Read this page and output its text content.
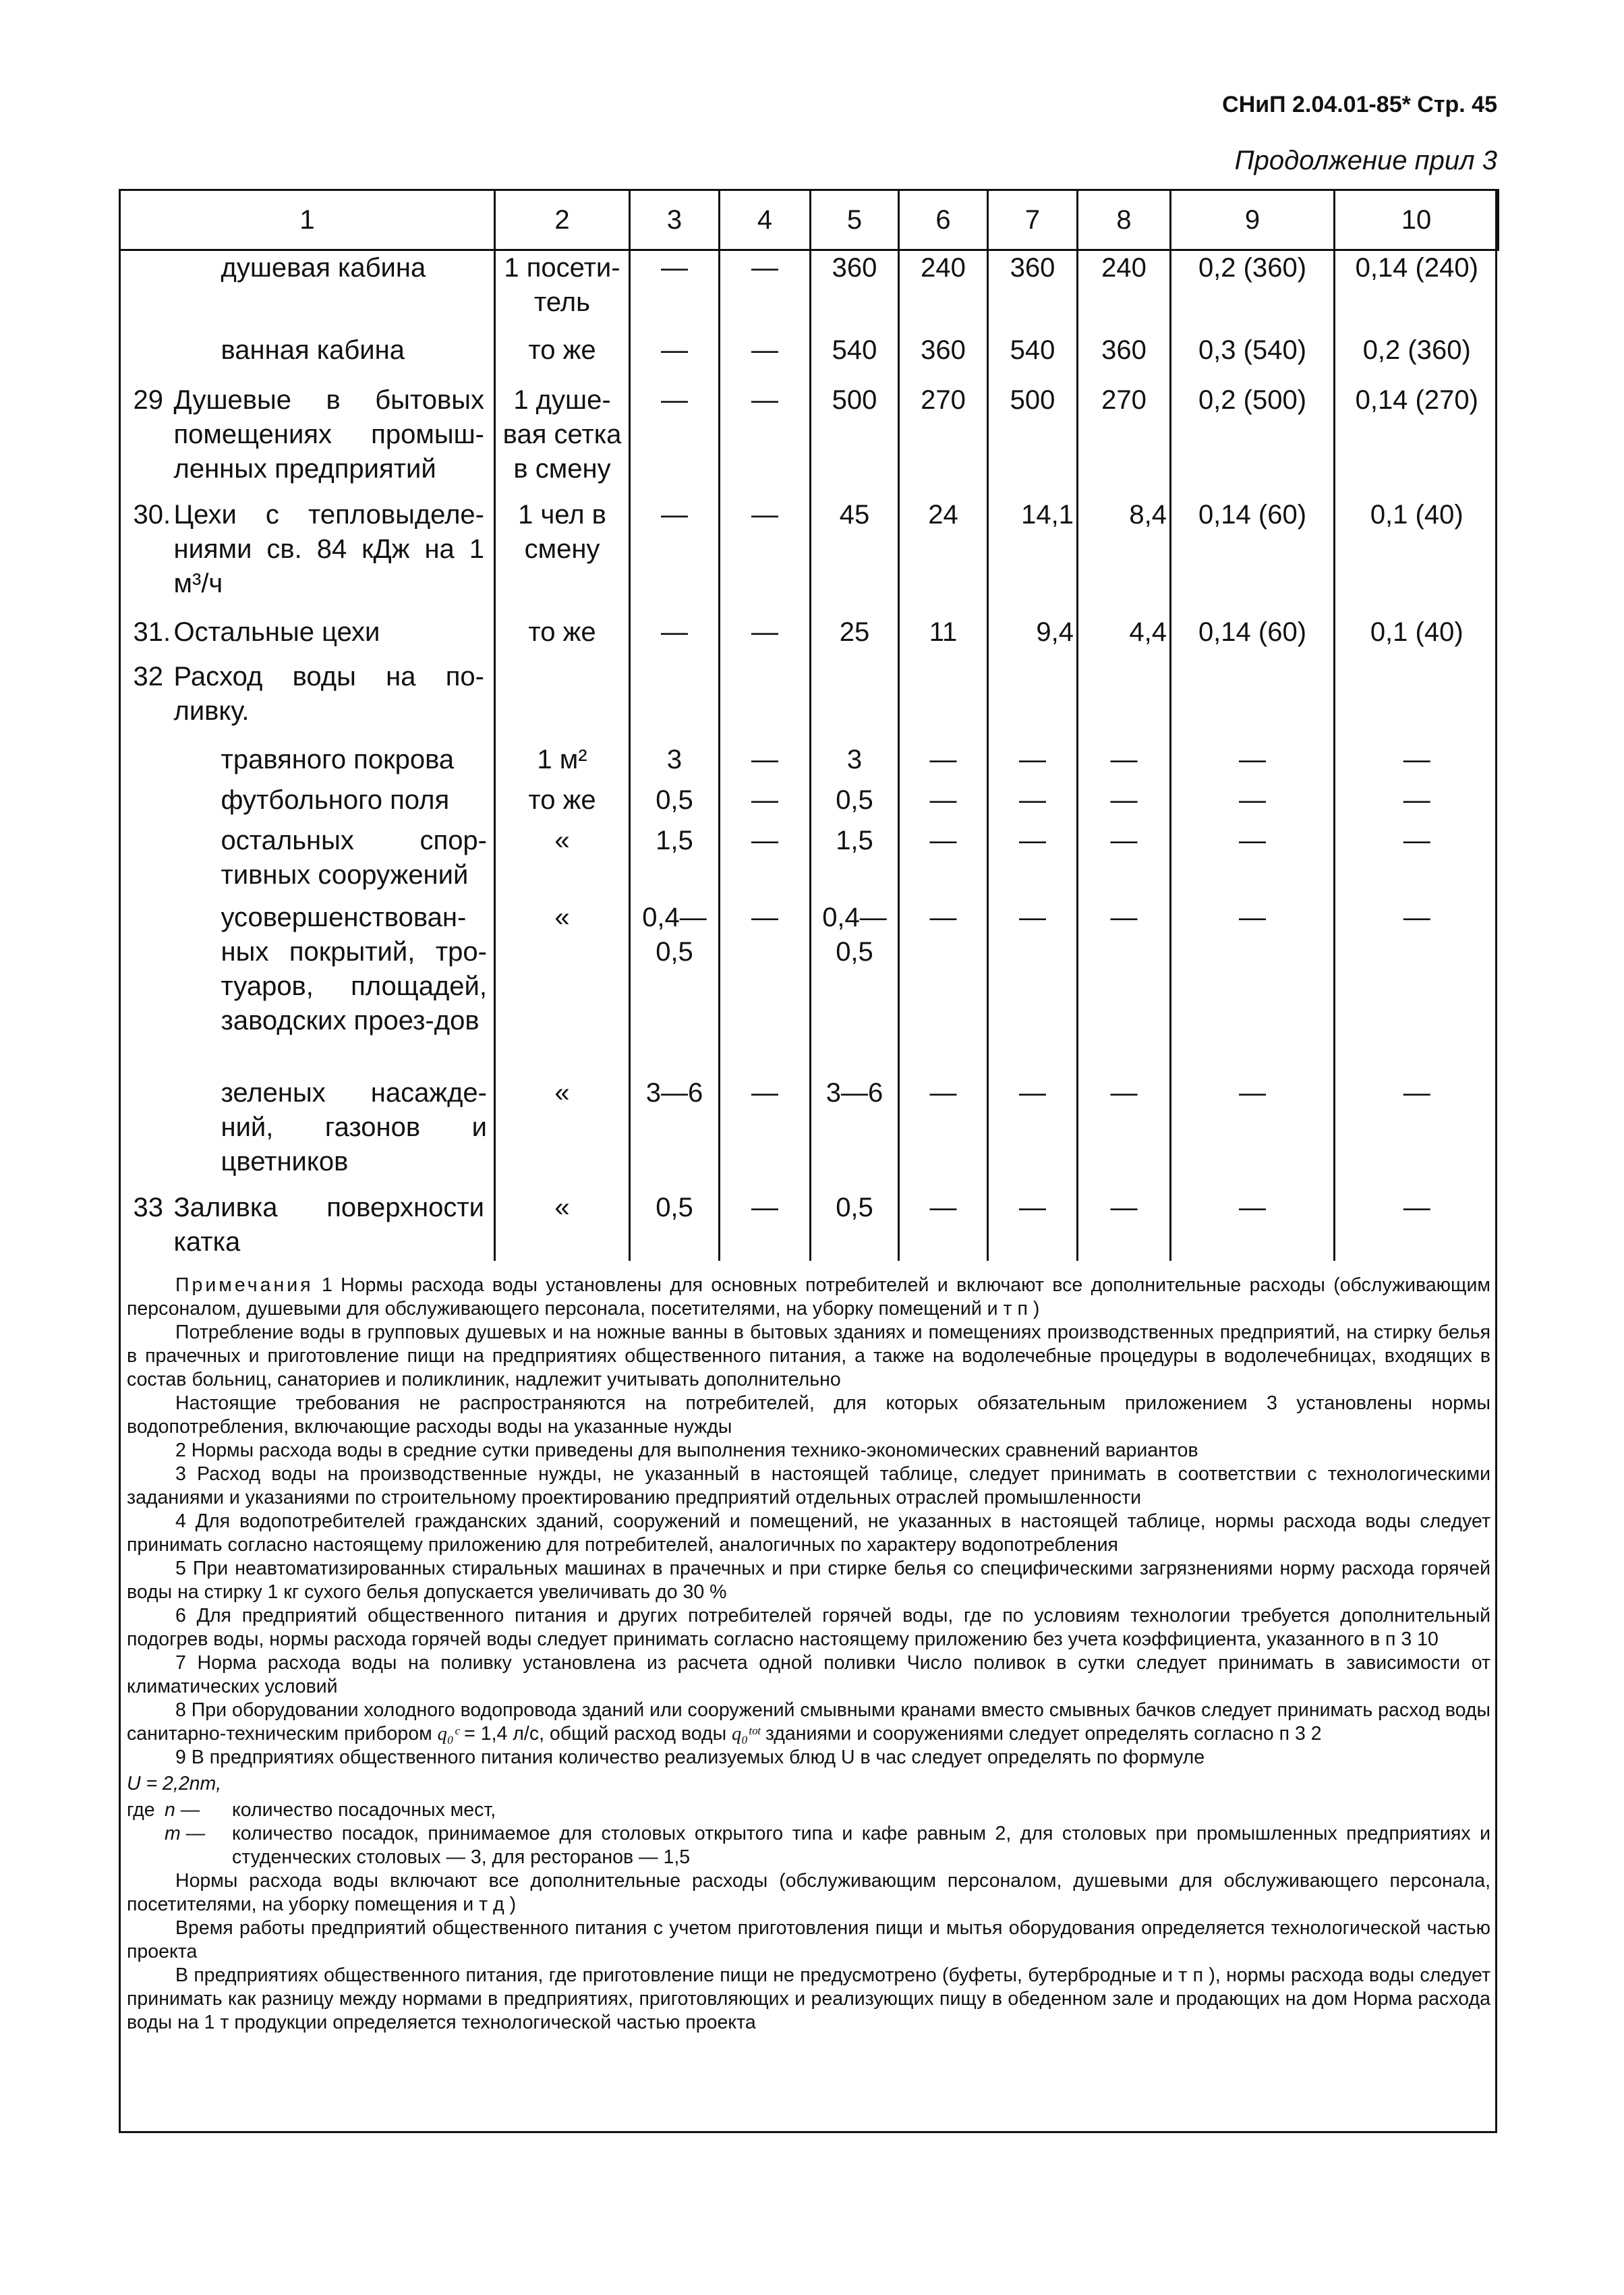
СНиП 2.04.01-85* Стр. 45
Продолжение прил 3
1	2	3	4	5	6	7	8	9	10
душевая кабина	1 посети-тель	—	—	360	240	360	240	0,2 (360)	0,14 (240)
ванная кабина	то же	—	—	540	360	540	360	0,3 (540)	0,2 (360)
29 Душевые в бытовых помещениях промыш-ленных предприятий	1 душе-вая сетка в смену	—	—	500	270	500	270	0,2 (500)	0,14 (270)
30. Цехи с тепловыделе-ниями св. 84 кДж на 1 м³/ч	1 чел в смену	—	—	45	24	14,1	8,4	0,14 (60)	0,1 (40)
31. Остальные цехи	то же	—	—	25	11	9,4	4,4	0,14 (60)	0,1 (40)
32 Расход воды на по-ливку.									
травяного покрова	1 м²	3	—	3	—	—	—	—	—
футбольного поля	то же	0,5	—	0,5	—	—	—	—	—
остальных спор-тивных сооружений	«	1,5	—	1,5	—	—	—	—	—
усовершенствован-ных покрытий, тро-туаров, площадей, заводских проез-дов	«	0,4— 0,5	—	0,4— 0,5	—	—	—	—	—
зеленых насажде-ний, газонов и цветников	«	3—6	—	3—6	—	—	—	—	—
33 Заливка поверхности катка	«	0,5	—	0,5	—	—	—	—	—

Примечания 1 Нормы расхода воды установлены для основных потребителей и включают все дополнительные расходы (обслуживающим персоналом, душевыми для обслуживающего персонала, посетителями, на уборку помещений и т п )

Потребление воды в групповых душевых и на ножные ванны в бытовых зданиях и помещениях производственных предприятий, на стирку белья в прачечных и приготовление пищи на предприятиях общественного питания, а также на водолечебные процедуры в водолечебницах, входящих в состав больниц, санаториев и поликлиник, надлежит учитывать дополнительно

Настоящие требования не распространяются на потребителей, для которых обязательным приложением 3 установлены нормы водопотребления, включающие расходы воды на указанные нужды

2 Нормы расхода воды в средние сутки приведены для выполнения технико-экономических сравнений вариантов

3 Расход воды на производственные нужды, не указанный в настоящей таблице, следует принимать в соответствии с технологическими заданиями и указаниями по строительному проектированию предприятий отдельных отраслей промышленности

4 Для водопотребителей гражданских зданий, сооружений и помещений, не указанных в настоящей таблице, нормы расхода воды следует принимать согласно настоящему приложению для потребителей, аналогичных по характеру водопотребления

5 При неавтоматизированных стиральных машинах в прачечных и при стирке белья со специфическими загрязнениями норму расхода горячей воды на стирку 1 кг сухого белья допускается увеличивать до 30 %

6 Для предприятий общественного питания и других потребителей горячей воды, где по условиям технологии требуется дополнительный подогрев воды, нормы расхода горячей воды следует принимать согласно настоящему приложению без учета коэффициента, указанного в п 3 10

7 Норма расхода воды на поливку установлена из расчета одной поливки Число поливок в сутки следует принимать в зависимости от климатических условий

8 При оборудовании холодного водопровода зданий или сооружений смывными кранами вместо смывных бачков следует принимать расход воды санитарно-техническим прибором q₀ᶜ = 1,4 л/с, общий расход воды q₀ᵗᵒᵗ зданиями и сооружениями следует определять согласно п 3 2

9 В предприятиях общественного питания количество реализуемых блюд U в час следует определять по формуле

U = 2,2nm,

где n —	количество посадочных мест,
m —	количество посадок, принимаемое для столовых открытого типа и кафе равным 2, для столовых при промышленных предприятиях и студенческих столовых — 3, для ресторанов — 1,5

Нормы расхода воды включают все дополнительные расходы (обслуживающим персоналом, душевыми для обслуживающего персонала, посетителями, на уборку помещения и т д )

Время работы предприятий общественного питания с учетом приготовления пищи и мытья оборудования определяется технологической частью проекта

В предприятиях общественного питания, где приготовление пищи не предусмотрено (буфеты, бутербродные и т п ), нормы расхода воды следует принимать как разницу между нормами в предприятиях, приготовляющих и реализующих пищу в обеденном зале и продающих на дом Норма расхода воды на 1 т продукции определяется технологической частью проекта
